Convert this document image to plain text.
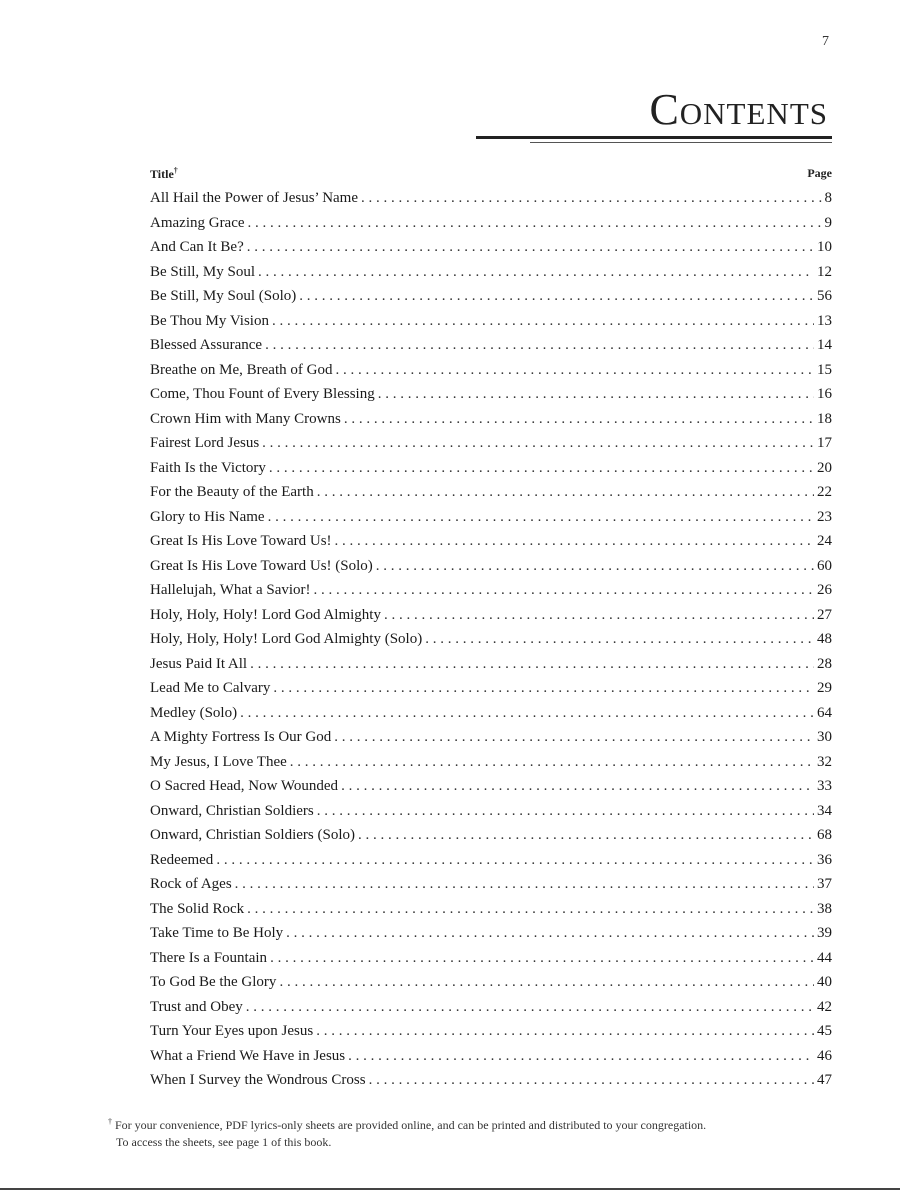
7
Contents
Title†	Page
All Hail the Power of Jesus’ Name . . .	8
Amazing Grace . . .	9
And Can It Be? . . .	10
Be Still, My Soul . . .	12
Be Still, My Soul (Solo) . . .	56
Be Thou My Vision . . .	13
Blessed Assurance . . .	14
Breathe on Me, Breath of God . . .	15
Come, Thou Fount of Every Blessing . . .	16
Crown Him with Many Crowns . . .	18
Fairest Lord Jesus . . .	17
Faith Is the Victory . . .	20
For the Beauty of the Earth . . .	22
Glory to His Name . . .	23
Great Is His Love Toward Us! . . .	24
Great Is His Love Toward Us! (Solo) . . .	60
Hallelujah, What a Savior! . . .	26
Holy, Holy, Holy! Lord God Almighty . . .	27
Holy, Holy, Holy! Lord God Almighty (Solo) . . .	48
Jesus Paid It All . . .	28
Lead Me to Calvary . . .	29
Medley (Solo) . . .	64
A Mighty Fortress Is Our God . . .	30
My Jesus, I Love Thee . . .	32
O Sacred Head, Now Wounded . . .	33
Onward, Christian Soldiers . . .	34
Onward, Christian Soldiers (Solo) . . .	68
Redeemed . . .	36
Rock of Ages . . .	37
The Solid Rock . . .	38
Take Time to Be Holy . . .	39
There Is a Fountain . . .	44
To God Be the Glory . . .	40
Trust and Obey . . .	42
Turn Your Eyes upon Jesus . . .	45
What a Friend We Have in Jesus . . .	46
When I Survey the Wondrous Cross . . .	47
† For your convenience, PDF lyrics-only sheets are provided online, and can be printed and distributed to your congregation.
To access the sheets, see page 1 of this book.
